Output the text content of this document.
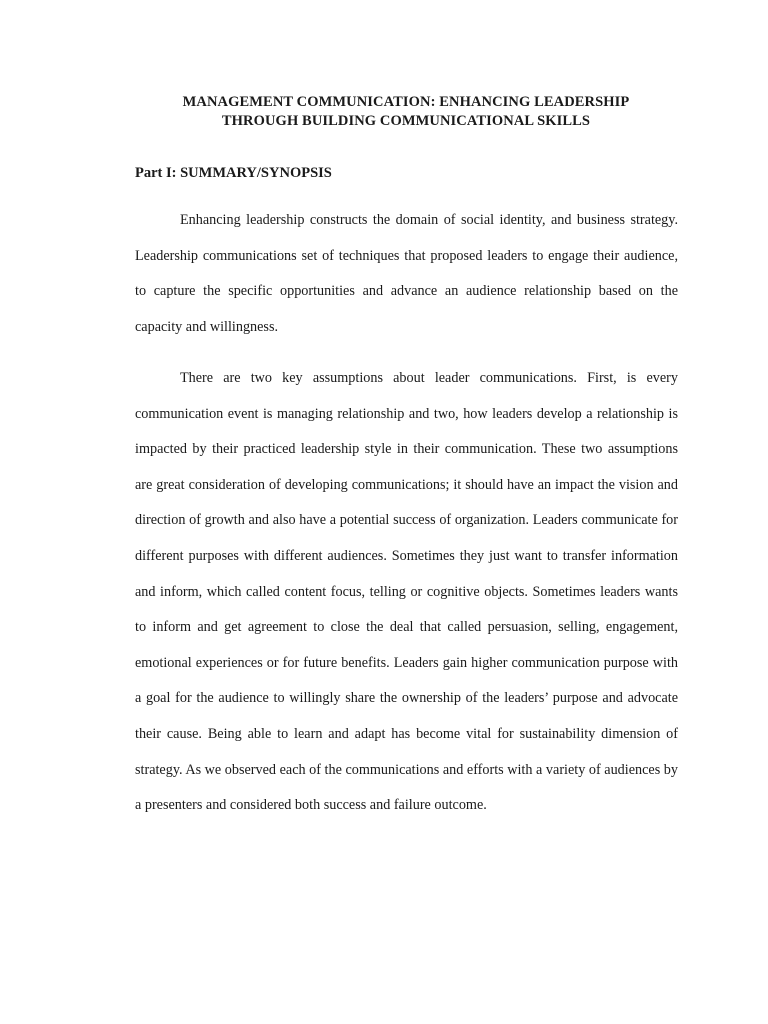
MANAGEMENT COMMUNICATION: ENHANCING LEADERSHIP
THROUGH BUILDING COMMUNICATIONAL SKILLS
Part I: SUMMARY/SYNOPSIS

Enhancing leadership constructs the domain of social identity, and business strategy. Leadership communications set of techniques that proposed leaders to engage their audience, to capture the specific opportunities and advance an audience relationship based on the capacity and willingness.

There are two key assumptions about leader communications. First, is every communication event is managing relationship and two, how leaders develop a relationship is impacted by their practiced leadership style in their communication. These two assumptions are great consideration of developing communications; it should have an impact the vision and direction of growth and also have a potential success of organization. Leaders communicate for different purposes with different audiences. Sometimes they just want to transfer information and inform, which called content focus, telling or cognitive objects. Sometimes leaders wants to inform and get agreement to close the deal that called persuasion, selling, engagement, emotional experiences or for future benefits. Leaders gain higher communication purpose with a goal for the audience to willingly share the ownership of the leaders’ purpose and advocate their cause. Being able to learn and adapt has become vital for sustainability dimension of strategy. As we observed each of the communications and efforts with a variety of audiences by a presenters and considered both success and failure outcome.
